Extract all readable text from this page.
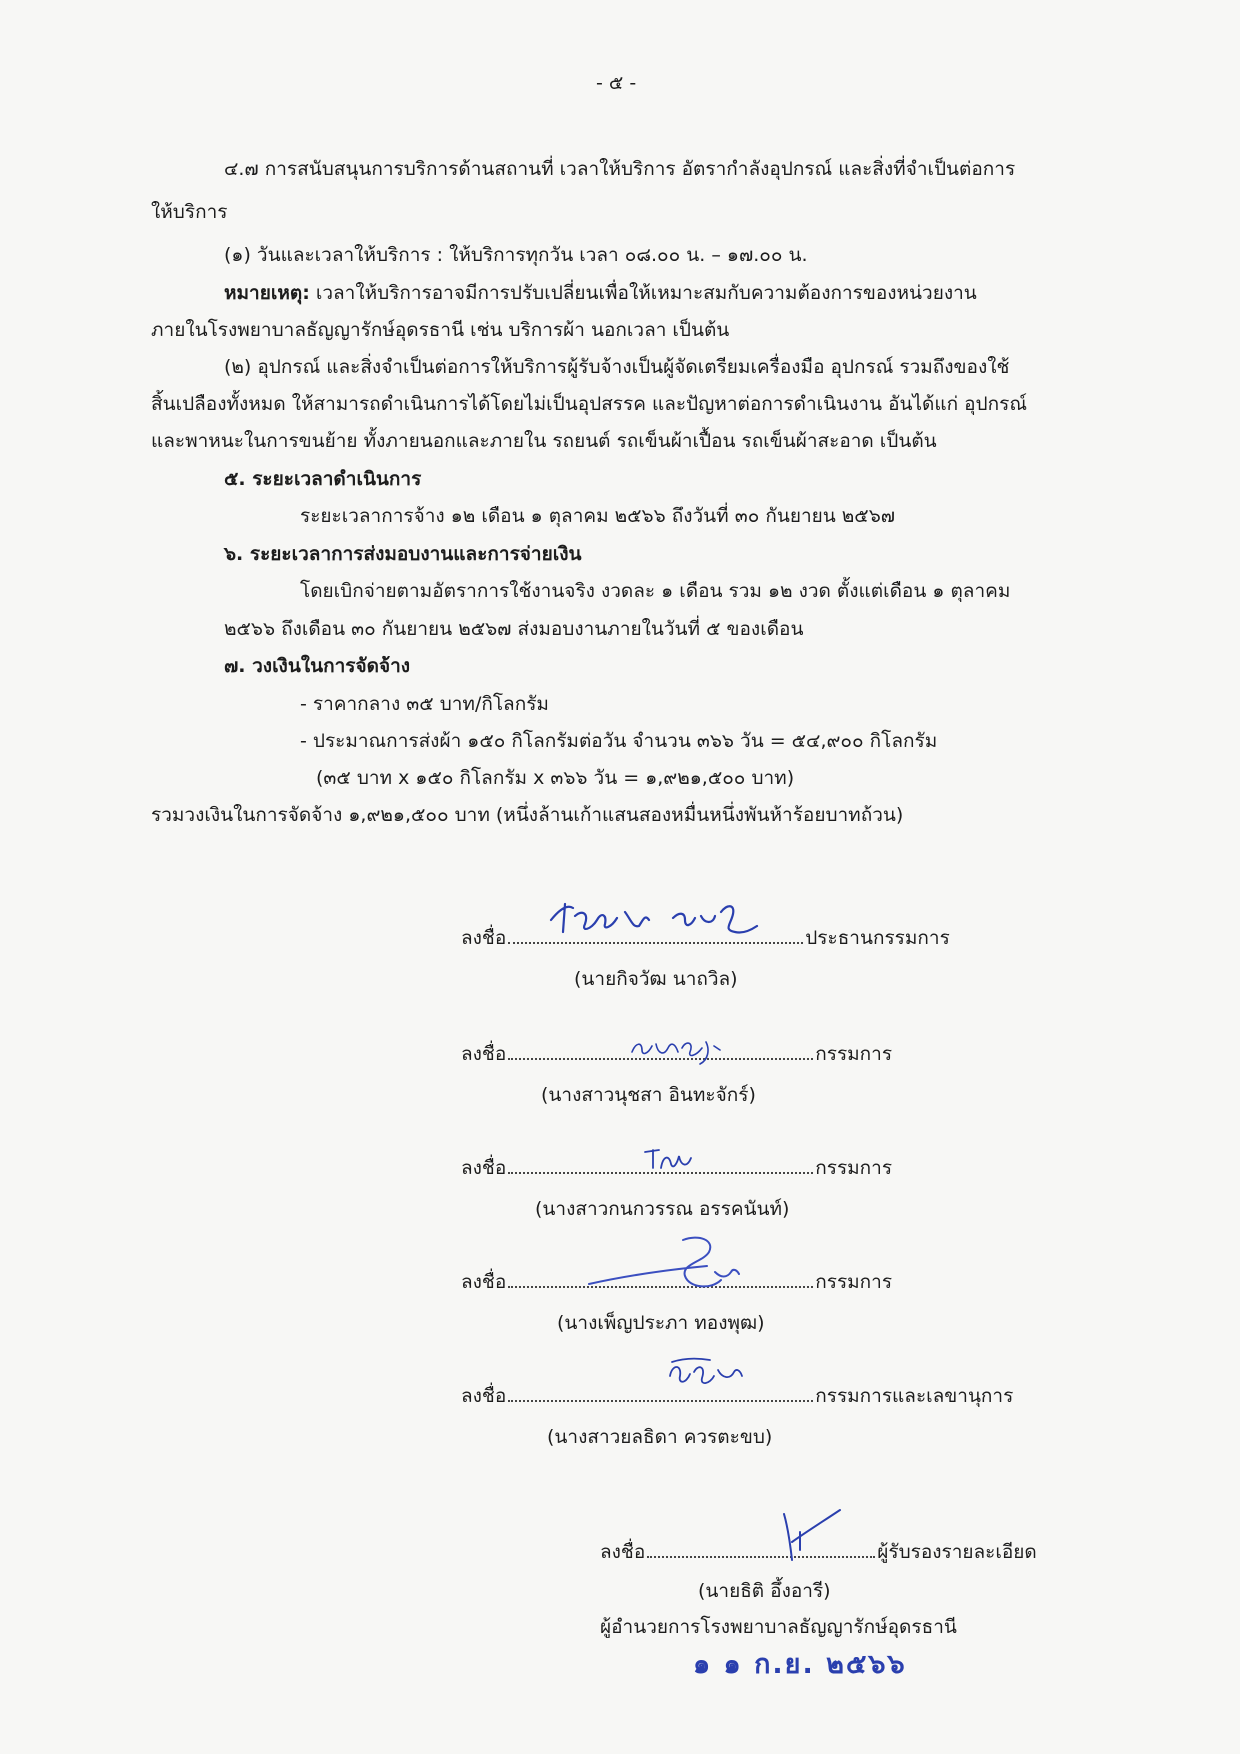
- ๕ -
๔.๗ การสนับสนุนการบริการด้านสถานที่ เวลาให้บริการ อัตรากำลังอุปกรณ์ และสิ่งที่จำเป็นต่อการ
ให้บริการ
(๑) วันและเวลาให้บริการ : ให้บริการทุกวัน เวลา ๐๘.๐๐ น. – ๑๗.๐๐ น.
หมายเหตุ: เวลาให้บริการอาจมีการปรับเปลี่ยนเพื่อให้เหมาะสมกับความต้องการของหน่วยงาน
ภายในโรงพยาบาลธัญญารักษ์อุดรธานี เช่น บริการผ้า นอกเวลา เป็นต้น
(๒) อุปกรณ์ และสิ่งจำเป็นต่อการให้บริการผู้รับจ้างเป็นผู้จัดเตรียมเครื่องมือ อุปกรณ์ รวมถึงของใช้
สิ้นเปลืองทั้งหมด ให้สามารถดำเนินการได้โดยไม่เป็นอุปสรรค และปัญหาต่อการดำเนินงาน อันได้แก่ อุปกรณ์
และพาหนะในการขนย้าย ทั้งภายนอกและภายใน รถยนต์ รถเข็นผ้าเปื้อน รถเข็นผ้าสะอาด เป็นต้น
๕. ระยะเวลาดำเนินการ
ระยะเวลาการจ้าง ๑๒ เดือน ๑ ตุลาคม ๒๕๖๖ ถึงวันที่ ๓๐ กันยายน ๒๕๖๗
๖. ระยะเวลาการส่งมอบงานและการจ่ายเงิน
โดยเบิกจ่ายตามอัตราการใช้งานจริง งวดละ ๑ เดือน รวม ๑๒ งวด ตั้งแต่เดือน ๑ ตุลาคม
๒๕๖๖ ถึงเดือน ๓๐ กันยายน ๒๕๖๗ ส่งมอบงานภายในวันที่ ๕ ของเดือน
๗. วงเงินในการจัดจ้าง
- ราคากลาง ๓๕ บาท/กิโลกรัม
- ประมาณการส่งผ้า ๑๕๐ กิโลกรัมต่อวัน จำนวน ๓๖๖ วัน = ๕๔,๙๐๐ กิโลกรัม
(๓๕ บาท x ๑๕๐ กิโลกรัม x ๓๖๖ วัน = ๑,๙๒๑,๕๐๐ บาท)
รวมวงเงินในการจัดจ้าง ๑,๙๒๑,๕๐๐ บาท (หนึ่งล้านเก้าแสนสองหมื่นหนึ่งพันห้าร้อยบาทถ้วน)
ลงชื่อ	ประธานกรรมการ
(นายกิจวัฒ นาถวิล)
ลงชื่อ	กรรมการ
(นางสาวนุชสา อินทะจักร์)
ลงชื่อ	กรรมการ
(นางสาวกนกวรรณ อรรคนันท์)
ลงชื่อ	กรรมการ
(นางเพ็ญประภา ทองพุฒ)
ลงชื่อ	กรรมการและเลขานุการ
(นางสาวยลธิดา ควรตะขบ)
ลงชื่อ	ผู้รับรองรายละเอียด
(นายธิติ อึ้งอารี)
ผู้อำนวยการโรงพยาบาลธัญญารักษ์อุดรธานี
๑ ๑ ก.ย. ๒๕๖๖
